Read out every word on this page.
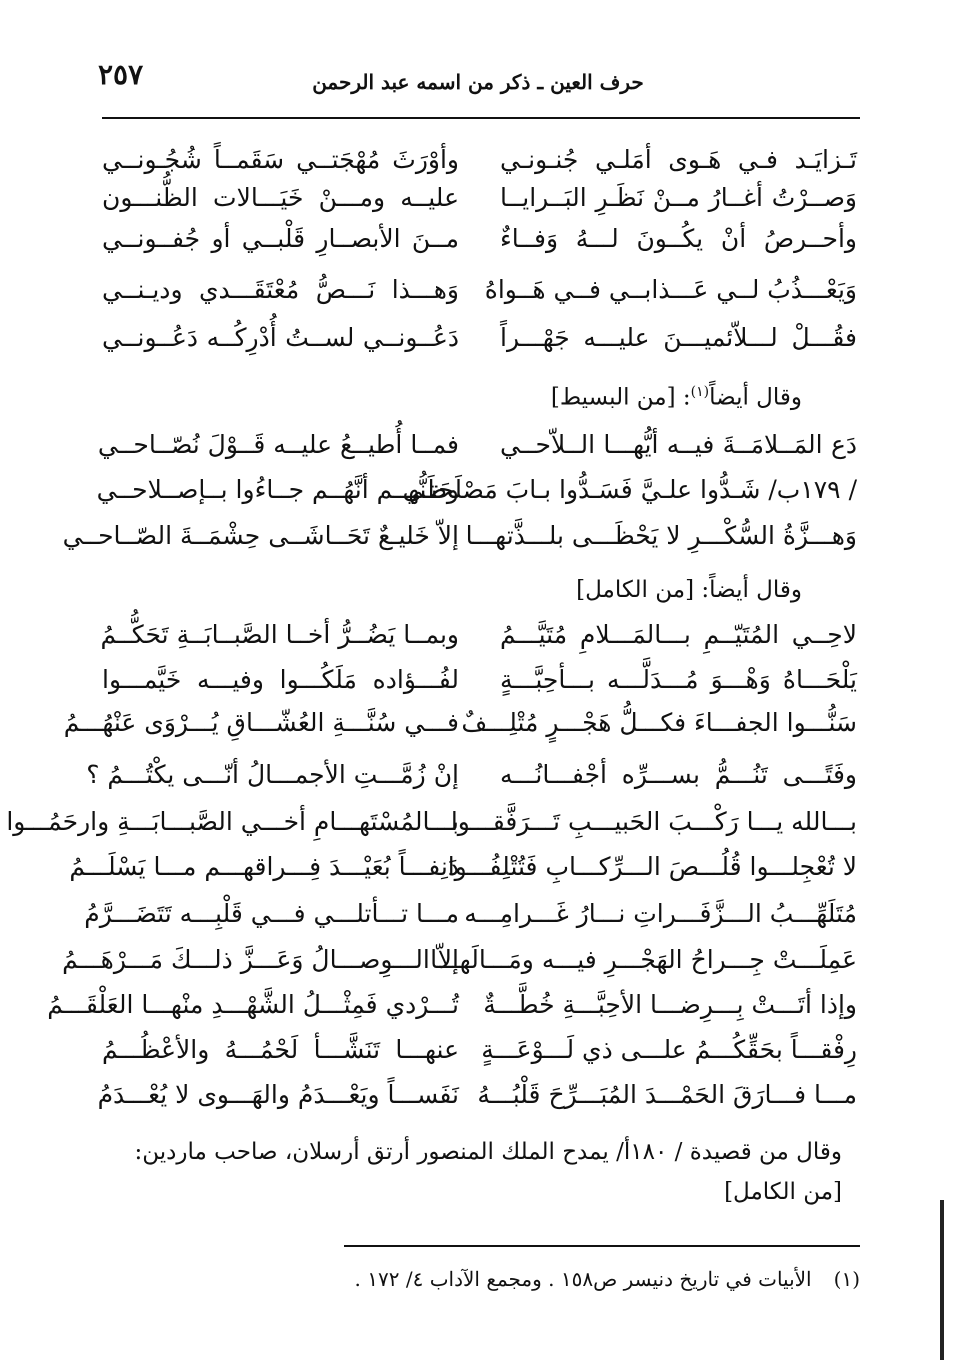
حرف العين ـ ذكر من اسمه عبد الرحمن
٢٥٧
تَـزايَـد فـي هَـوى أمَلـي جُنـونـي
وأوْرَثَ مُهْجَتــي سَقَمــاً شُجُـونــي
وَصــرْتُ أغــارُ مــنْ نَظَـرِ البَــرايــا
عليــه ومـــنْ خَيَـــالات الظُّنـــون
وأحــرصُ أنْ يكُــونَ لـــهُ وَفــاءٌ
مــنَ الأبصــارِ قَلْبــي أو جُفــونــي
وَيَعْـــذُبُ لــي عَـــذابــي فــي هَــواهُ
وَهـــذا نَـــصُّ مُعْتَقَـــدي وديـنــي
فقُـــلْ لـــلاّئميـــنَ عليـــه جَهْـــراً
دَعُــونــي لســتُ أُدْرِكُــه دَعُــونــي
وقال أيضاً$^{(١)}$: [من البسيط]
دَع المَــلامَــةَ فيــه أيُّهـــا الــلاّحــي
فمــا أُطيــعُ عليــه قَــوْلَ نُصّــاحــي
/ ١٧٩ب/ شَـدُّوا علـيَّ فَسَـدُّوا بـابَ مَصْلَحَتـي
وظَنُّهــم أنَّهُــم جــاءُوا بــإصــلاحــي
وَهـــزَّةُ السُّكْـــرِ لا يَحْظَـــى بلـــذَّتهـــا
إلاّ خَليـعٌ تَحَــاشَــى حِشْمَــةَ الصّــاحــي
وقال أيضاً: [من الكامل]
لاحِــي المُتَيّــمِ بـــالمَـــلامِ مُتَيَّـــمُ
وبمــا يَضُــرُّ أخــا الصَّبــابَــةِ تَحَكُّــمُ
يَلْحَـــاهُ وَهْـــوَ مُـــدَلَّـــه بـــأحِبَّـــةٍ
لفُـــؤاده مَلَكُـــوا وفيـــه خَيَّمـــوا
سَنُّـــوا الجفـــاءَ فكـــلُّ هَجْـــرٍ مُتْلِـــفٌ
فـــي سُنَّـــةِ العُشّـــاقِ يُـــرْوَى عَنْهُـــمُ
وفَتًـــى تَنُـــمُّ بســـرِّه أجْفـــانُـــه
إنْ زُمَّـــتِ الأجمـــالُ أنّـــى يكْتُـــمُ ؟
بـــالله يـــا رَكْـــبَ الحَبيـــبِ تَـــرَفَّقـــوا
بـــالمُسْتَهـــامِ أخـــي الصَّبـــابَـــةِ وارحَمُـــوا
لا تُعْجِلـــوا قُلُـــصَ الـــرِّكـــابِ فَتُتْلِفُـــوا
دَنِفـــاً بُعَيْـــدَ فِـــراقهـــم مـــا يَسْلَـــمُ
مُتَلَهِّـــبُ الـــزَّفَـــراتِ نـــارُ غَـــرامِـــه
مـــا تـــأتلـــي فـــي قَلْبِـــه تَتَضَـــرَّمُ
عَمِلَـــتْ جِـــراحُ الهَجْـــرِ فيـــه ومَـــالَهـــا
إلاّ الـــوِصـــالُ وَعَـــزَّ ذلـــكَ مَـــرْهَـــمُ
وإذا أتَـــتْ بِـــرِضـــا الأحِبَّـــةِ خُطَّـــةٌ
تُـــرْدي فَمِثْـــلُ الشَّهْـــدِ منْهـــا العَلْقَـــمُ
رِفْقـــاً بحَقِّكُـــمُ علـــى ذي لَـــوْعَـــةٍ
عنهـــا تَنَشَّـــأ لَحْمُـــهُ والأعْظُـــمُ
مـــا فـــارَقَ الحَمْـــدَ المُبَـــرِّحَ قَلْبُـــهُ
نَفَســـاً ويَعْـــدَمُ والهَـــوى لا يُعْـــدَمُ
وقال من قصيدة / ١٨٠أ/ يمدح الملك المنصور أرتق أرسلان، صاحب ماردين:
[من الكامل]
(١)الأبيات في تاريخ دنيسر ص١٥٨ . ومجمع الآداب ٤/ ١٧٢ .
